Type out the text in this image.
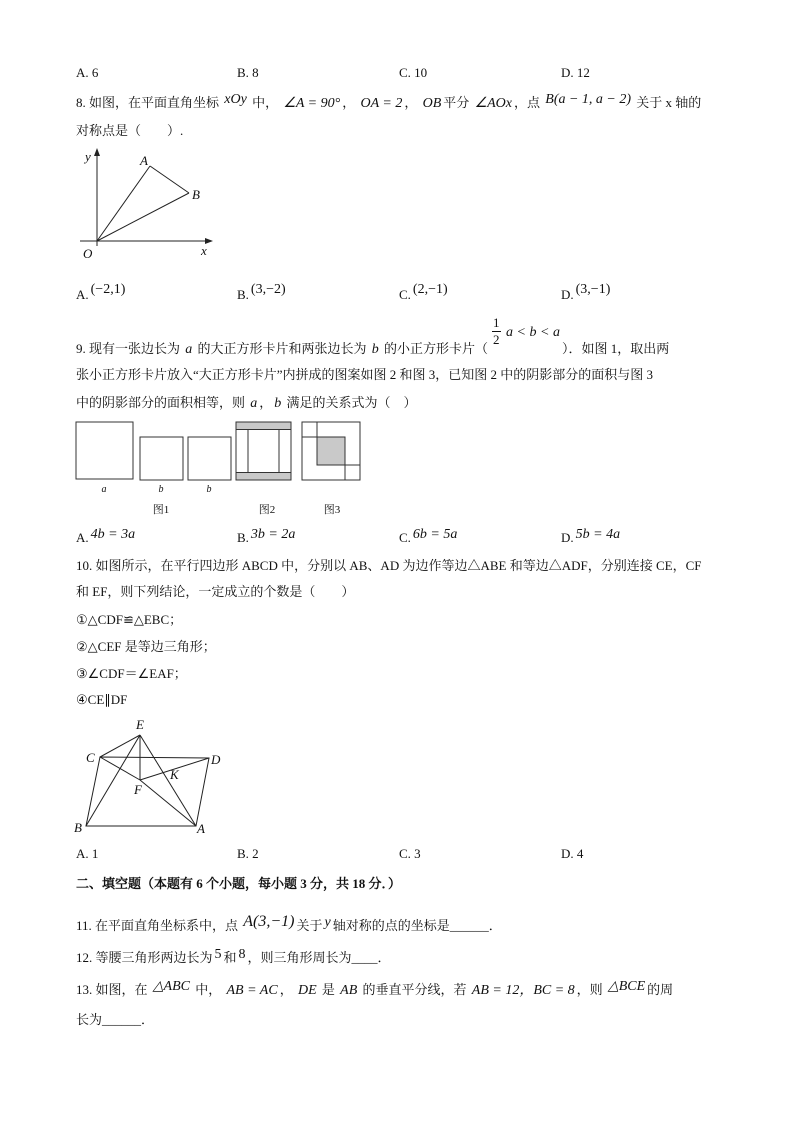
A. 6	B. 8	C. 10	D. 12
8. 如图，在平面直角坐标 xOy 中， ∠A = 90° ， OA = 2 ， OB 平分 ∠AOx ，点 B(a − 1, a − 2) 关于 x 轴的
对称点是（　　）.
y
O	x
A
B
A. (−2,1)	B. (3,−2)	C. (2,−1)	D. (3,−1)
9. 现有一张边长为 a 的大正方形卡片和两张边长为 b 的小正方形卡片（
$\frac{1}{2}$ a < b < a
）．如图 1，取出两
张小正方形卡片放入“大正方形卡片”内拼成的图案如图 2 和图 3，已知图 2 中的阴影部分的面积与图 3
中的阴影部分的面积相等，则 a ， b 满足的关系式为（　）
a	b	b
图1	图2	图3
A. 4b = 3a	B. 3b = 2a	C. 6b = 5a	D. 5b = 4a
10. 如图所示，在平行四边形 ABCD 中，分别以 AB、AD 为边作等边△ABE 和等边△ADF，分别连接 CE，CF
和 EF，则下列结论，一定成立的个数是（　　）
①△CDF≌△EBC；
②△CEF 是等边三角形；
③∠CDF＝∠EAF；
④CE∥DF
E
C	D
K
F
B	A
A. 1	B. 2	C. 3	D. 4
二、填空题（本题有 6 个小题，每小题 3 分，共 18 分．）
11. 在平面直角坐标系中，点 A(3,−1) 关于 y 轴对称的点的坐标是______．
12. 等腰三角形两边长为 5 和 8 ，则三角形周长为____．
13. 如图，在 △ABC 中， AB = AC ， DE 是 AB 的垂直平分线，若 AB = 12，BC = 8 ，则 △BCE 的周
长为______．
